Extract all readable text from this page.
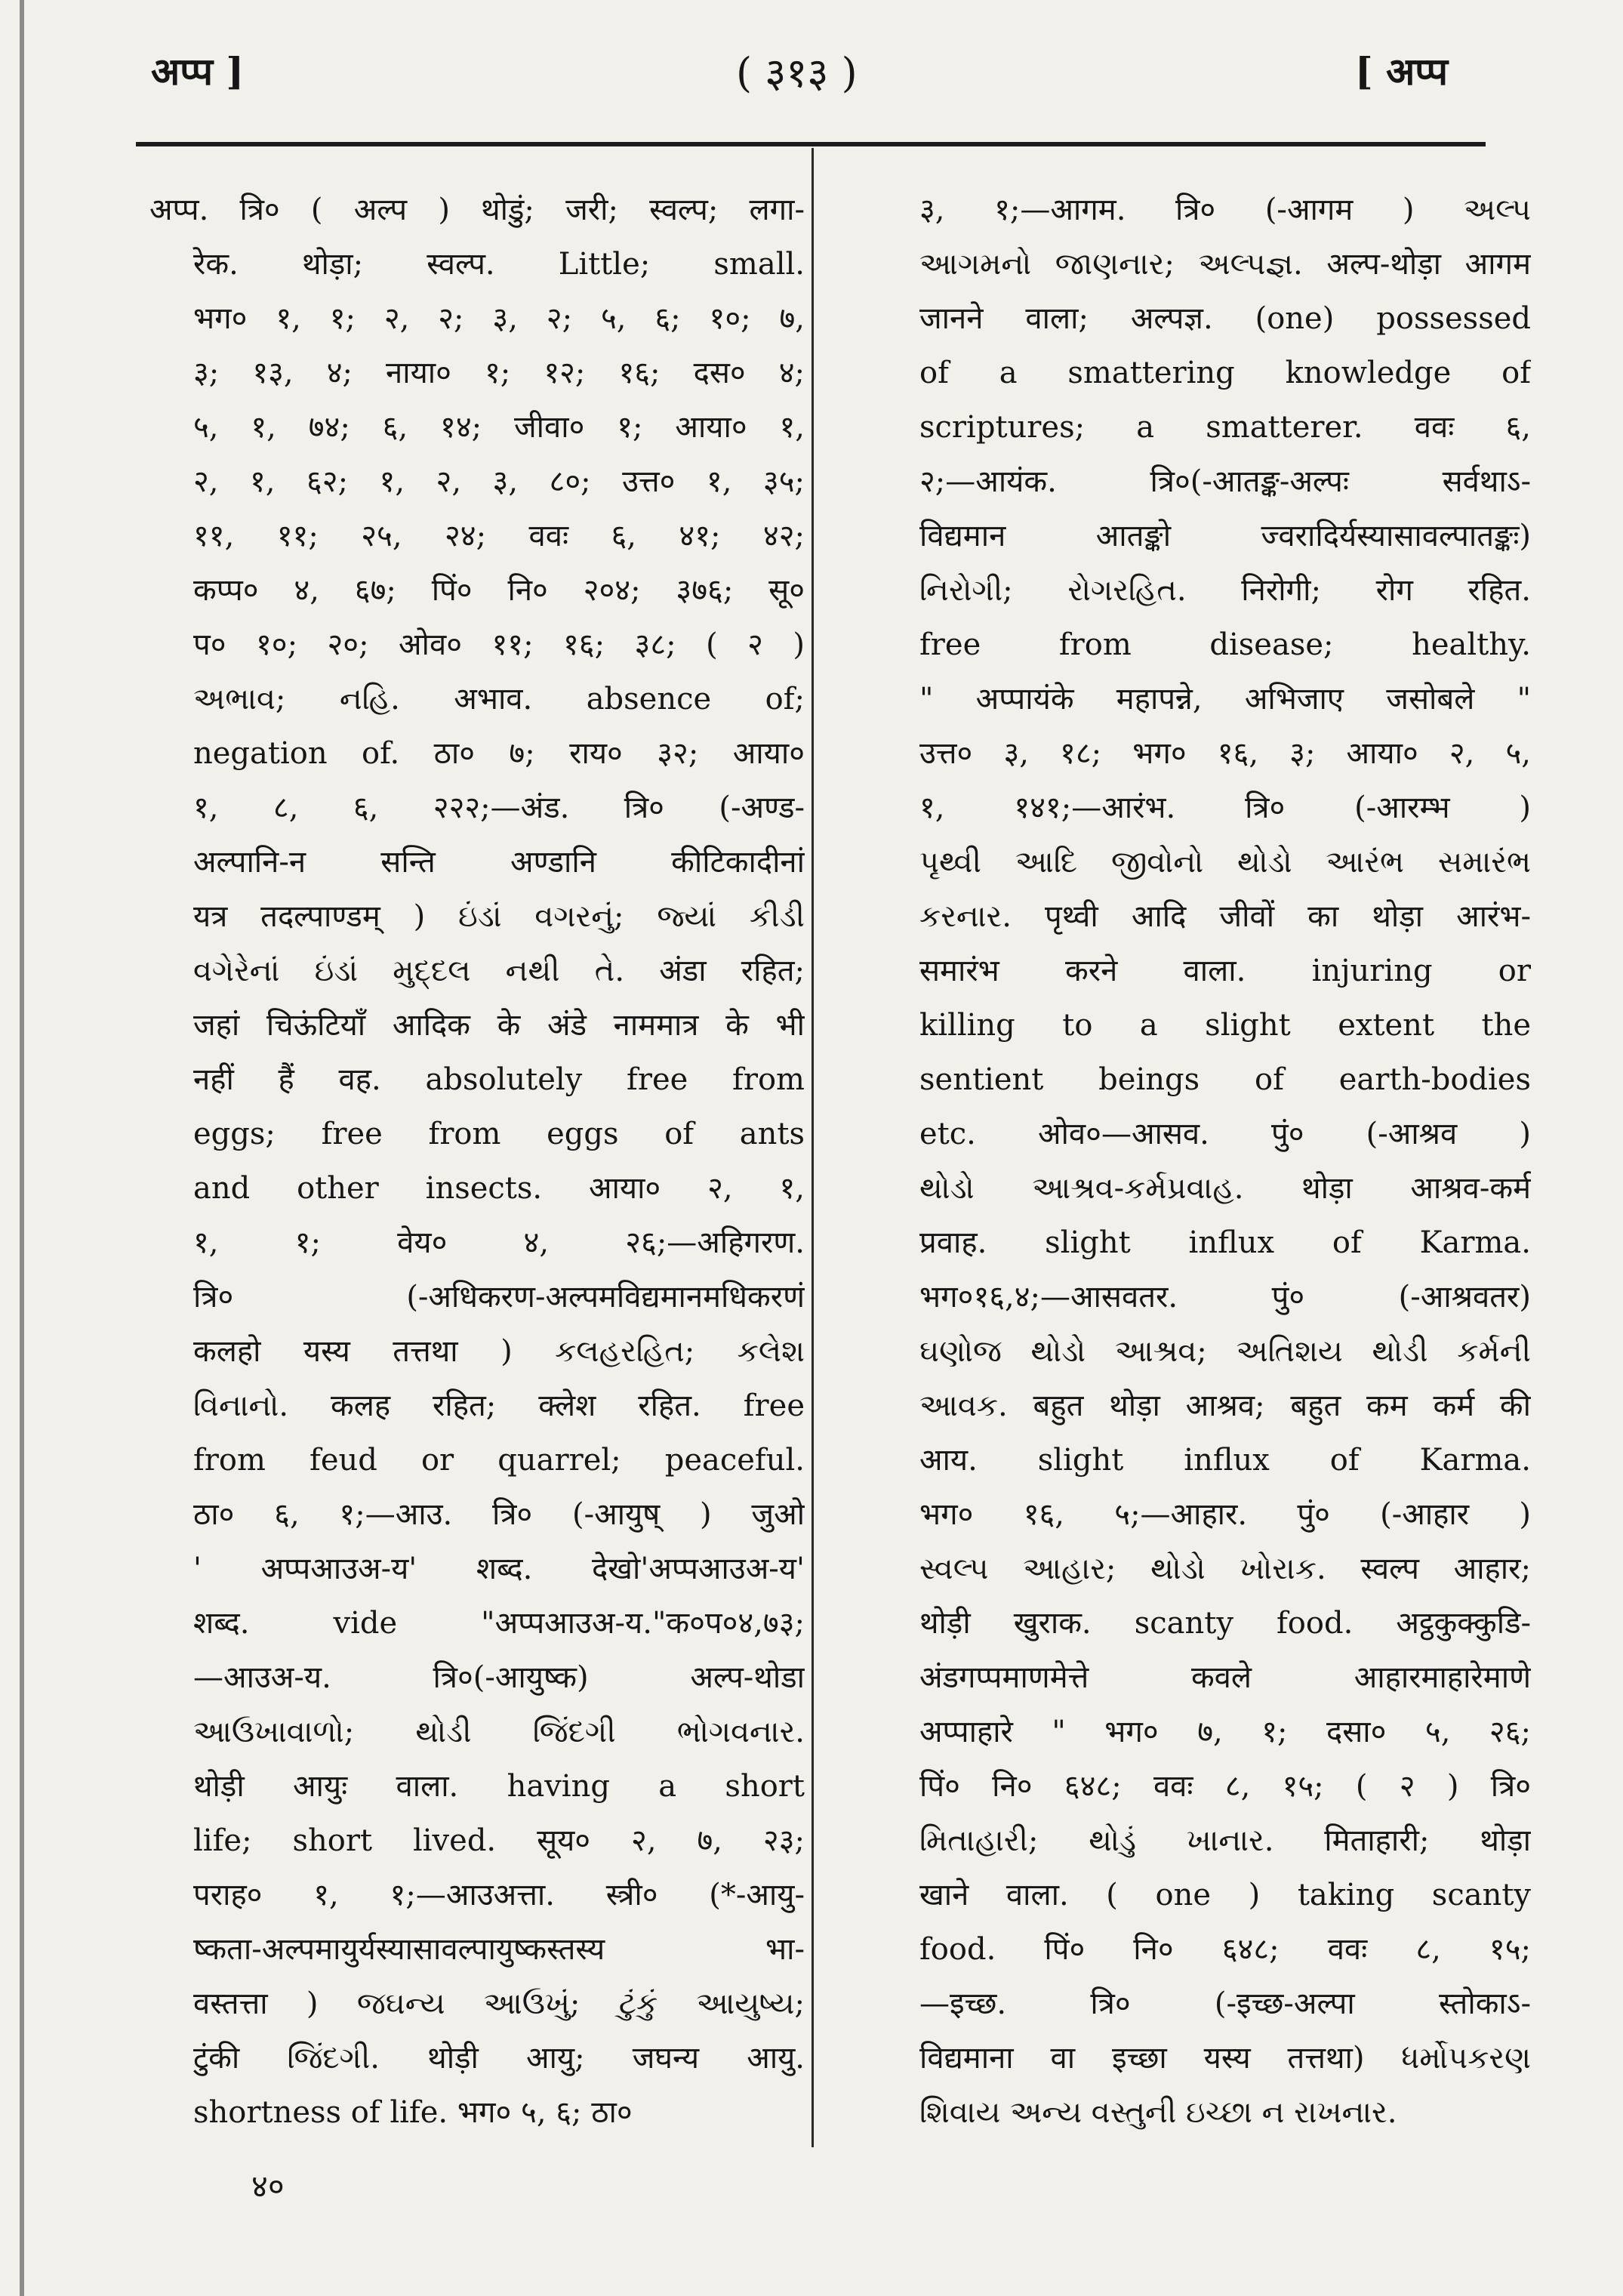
अप्प ]	( ३१३ )	[ अप्प
अप्प. त्रि० ( अल्प ) थोडुं; जरी; स्वल्प; लगा-
रेक. थोड़ा; स्वल्प. Little; small.
भग० १, १; २, २; ३, २; ५, ६; १०; ७,
३; १३, ४; नाया० १; १२; १६; दस० ४;
५, १, ७४; ६, १४; जीवा० १; आया० १,
२, १, ६२; १, २, ३, ८०; उत्त० १, ३५;
११, ११; २५, २४; ववः ६, ४१; ४२;
कप्प० ४, ६७; पिं० नि० २०४; ३७६; सू०
प० १०; २०; ओव० ११; १६; ३८; ( २ )
અભાવ; નહિ. अभाव. absence of;
negation of. ठा० ७; राय० ३२; आया०
१, ८, ६, २२२;—अंड. त्रि० (-अण्ड-
अल्पानि-न सन्ति अण्डानि कीटिकादीनां
यत्र तदल्पाण्डम् ) ઇંડાં વગરનું; જ્યાં કીડી
વગેરેનાં ઇંડાં મુદ્દલ નથી તે. अंडा रहित;
जहां चिऊंटियाँ आदिक के अंडे नाममात्र के भी
नहीं हैं वह. absolutely free from
eggs; free from eggs of ants
and other insects. आया० २, १,
१, १; वेय० ४, २६;—अहिगरण.
त्रि० (-अधिकरण-अल्पमविद्यमानमधिकरणं
कलहो यस्य तत्तथा ) કલહરહિત; કલેશ
વિનાનો. कलह रहित; क्लेश रहित. free
from feud or quarrel; peaceful.
ठा० ६, १;—आउ. त्रि० (-आयुष् ) जुओ
' अप्पआउअ-य' शब्द. देखो'अप्पआउअ-य'
शब्द. vide "अप्पआउअ-य."क०प०४,७३;
—आउअ-य. त्रि०(-आयुष्क) अल्प-थोडा
આઉખાવાળો; થોડી જિંદગી ભોગવનાર.
थोड़ी आयुः वाला. having a short
life; short lived. सूय० २, ७, २३;
पराह० १, १;—आउअत्ता. स्त्री० (*-आयु-
ष्कता-अल्पमायुर्यस्यासावल्पायुष्कस्तस्य भा-
वस्तत्ता ) જઘન્ય આઉખું; ટુંકું આયુષ્ય;
टुंकी જિંદગી. थोड़ी आयु; जघन्य आयु.
shortness of life. भग० ५, ६; ठा०
३, १;—आगम. त्रि० (-आगम ) અલ્પ
આગમનો જાણનાર; અલ્પજ્ઞ. अल्प-थोड़ा आगम
जानने वाला; अल्पज्ञ. (one) possessed
of a smattering knowledge of
scriptures; a smatterer. ववः ६,
२;—आयंक. त्रि०(-आतङ्क-अल्पः सर्वथाऽ-
विद्यमान आतङ्को ज्वरादिर्यस्यासावल्पातङ्कः)
નિરોગી; રોગરહિત. निरोगी; रोग रहित.
free from disease; healthy.
" अप्पायंके महापन्ने, अभिजाए जसोबले "
उत्त० ३, १८; भग० १६, ३; आया० २, ५,
१, १४१;—आरंभ. त्रि० (-आरम्भ )
પૃથ્વી આદિ જીવોનો થોડો આરંભ સમારંભ
કરનાર. पृथ्वी आदि जीवों का थोड़ा आरंभ-
समारंभ करने वाला. injuring or
killing to a slight extent the
sentient beings of earth-bodies
etc. ओव०—आसव. पुं० (-आश्रव )
થોડો આશ્રવ-કર્મપ્રવાહ. थोड़ा आश्रव-कर्म
प्रवाह. slight influx of Karma.
भग०१६,४;—आसवतर. पुं० (-आश्रवतर)
ઘણોજ થોડો આશ્રવ; અતિશય થોડી કર્મની
આવક. बहुत थोड़ा आश्रव; बहुत कम कर्म की
आय. slight influx of Karma.
भग० १६, ५;—आहार. पुं० (-आहार )
સ્વલ્પ આહાર; થોડો ખોરાક. स्वल्प आहार;
थोड़ी खुराक. scanty food. अट्ठकुक्कुडि-
अंडगप्पमाणमेत्ते कवले आहारमाहारेमाणे
अप्पाहारे " भग० ७, १; दसा० ५, २६;
पिं० नि० ६४८; ववः ८, १५; ( २ ) त्रि०
મિતાહારી; થોડું ખાનાર. मिताहारी; थोड़ा
खाने वाला. ( one ) taking scanty
food. पिं० नि० ६४८; ववः ८, १५;
—इच्छ. त्रि० (-इच्छ-अल्पा स्तोकाऽ-
विद्यमाना वा इच्छा यस्य तत्तथा) ધર્મોપકરણ
શિવાય અન્ય વસ્તુની ઇચ્છા ન રાખનાર.
४०
